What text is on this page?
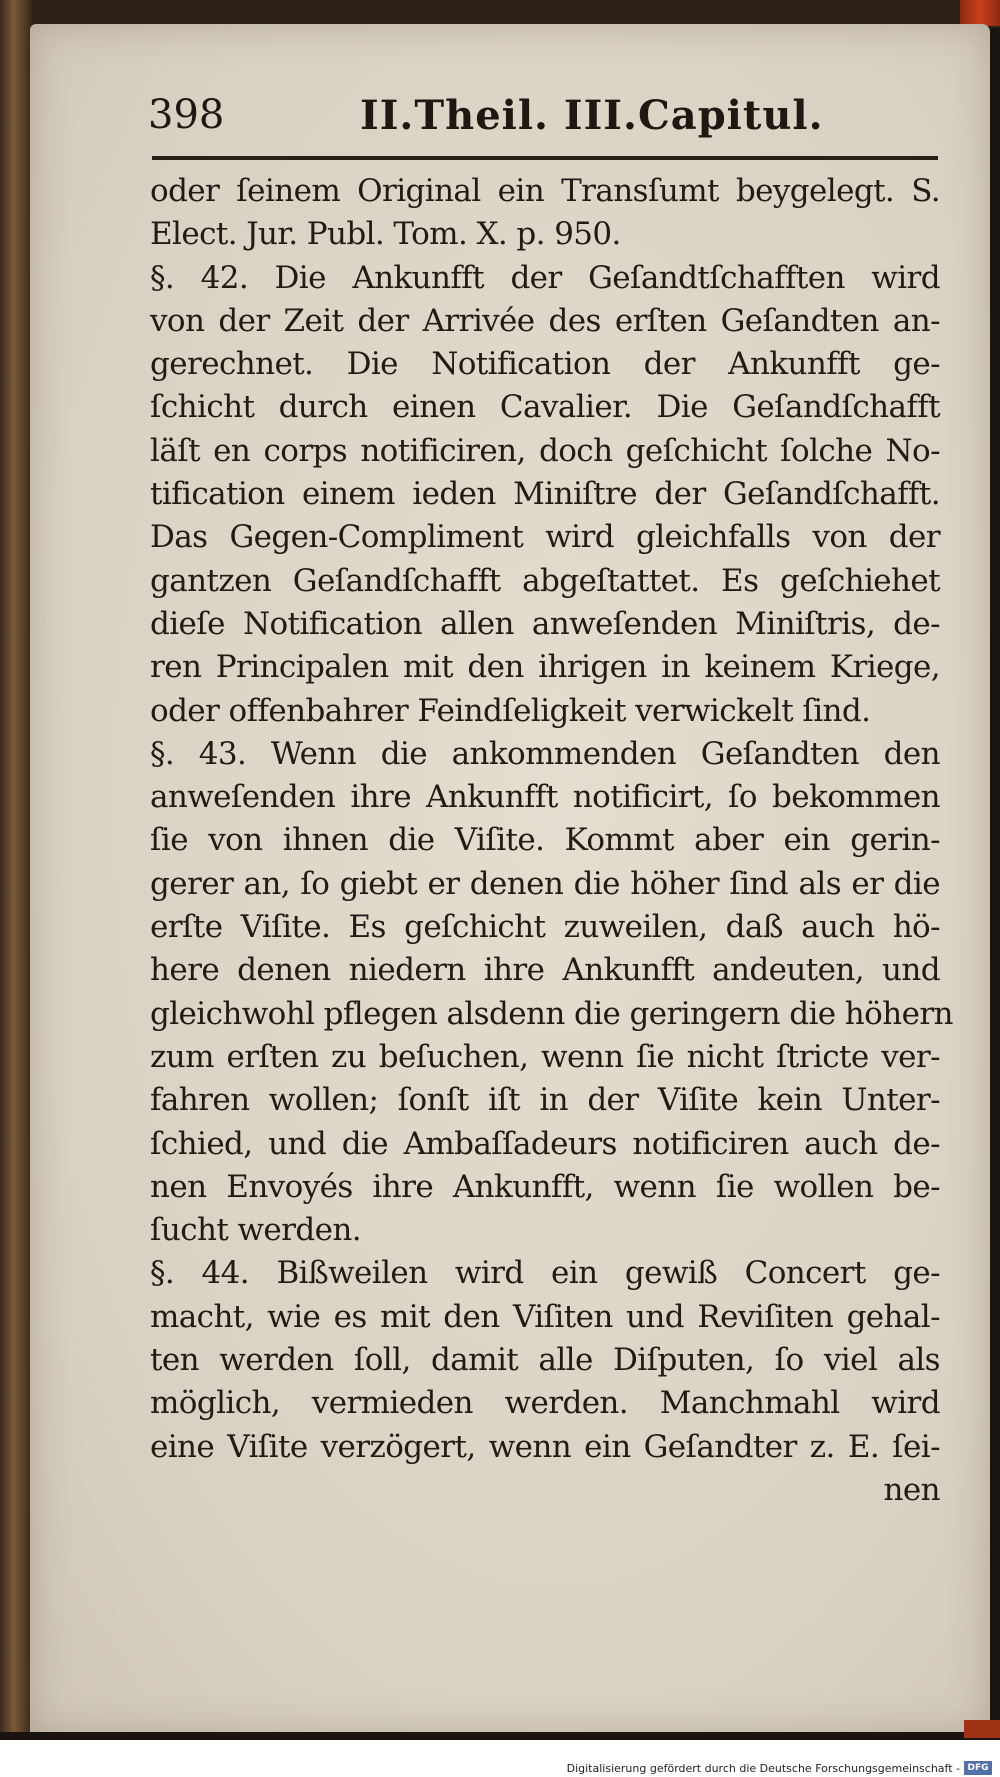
398	II.Theil. III.Capitul.
oder ſeinem Original ein Transſumt beygelegt. S.
Elect. Jur. Publ. Tom. X. p. 950.
§. 42. Die Ankunfft der Geſandtſchafften wird
von der Zeit der Arrivée des erſten Geſandten an-
gerechnet. Die Notification der Ankunfft ge-
ſchicht durch einen Cavalier. Die Geſandſchafft
läſt en corps notificiren, doch geſchicht ſolche No-
tification einem ieden Miniſtre der Geſandſchafft.
Das Gegen-Compliment wird gleichfalls von der
gantzen Geſandſchafft abgeſtattet. Es geſchiehet
dieſe Notification allen anweſenden Miniſtris, de-
ren Principalen mit den ihrigen in keinem Kriege,
oder offenbahrer Feindſeligkeit verwickelt ſind.
§. 43. Wenn die ankommenden Geſandten den
anweſenden ihre Ankunfft notificirt, ſo bekommen
ſie von ihnen die Viſite. Kommt aber ein gerin-
gerer an, ſo giebt er denen die höher ſind als er die
erſte Viſite. Es geſchicht zuweilen, daß auch hö-
here denen niedern ihre Ankunfft andeuten, und
gleichwohl pflegen alsdenn die geringern die höhern
zum erſten zu beſuchen, wenn ſie nicht ſtricte ver-
fahren wollen; ſonſt iſt in der Viſite kein Unter-
ſchied, und die Ambaſſadeurs notificiren auch de-
nen Envoyés ihre Ankunfft, wenn ſie wollen be-
ſucht werden.
§. 44. Bißweilen wird ein gewiß Concert ge-
macht, wie es mit den Viſiten und Reviſiten gehal-
ten werden ſoll, damit alle Diſputen, ſo viel als
möglich, vermieden werden. Manchmahl wird
eine Viſite verzögert, wenn ein Geſandter z. E. ſei-
nen
Digitalisierung gefördert durch die Deutsche Forschungsgemeinschaft - DFG
